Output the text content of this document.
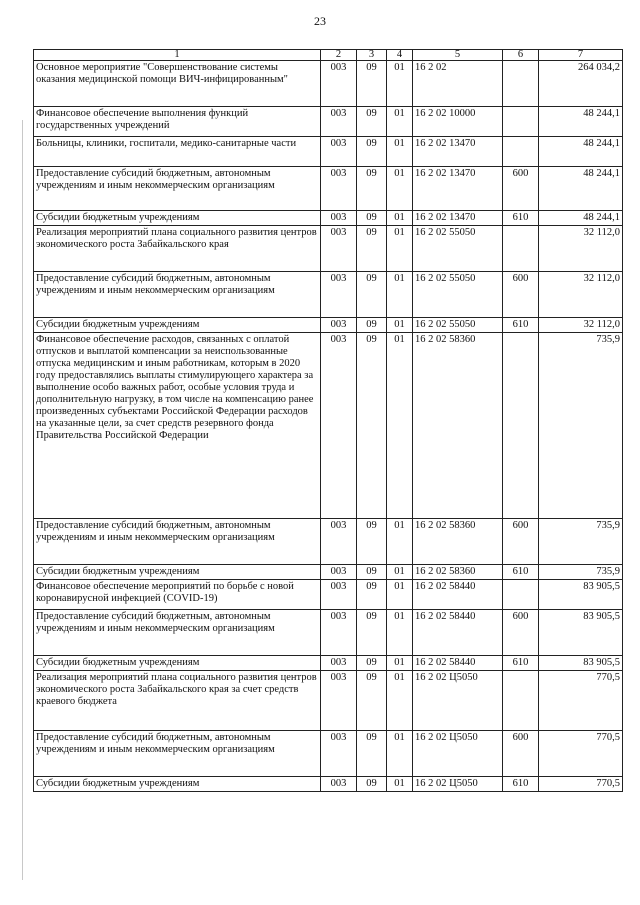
23
1	2	3	4	5	6	7
Основное мероприятие "Совершенствование системы оказания медицинской помощи ВИЧ-инфицированным"	003	09	01	16 2 02		264 034,2
Финансовое обеспечение выполнения функций государственных учреждений	003	09	01	16 2 02 10000		48 244,1
Больницы, клиники, госпитали, медико-санитарные части	003	09	01	16 2 02 13470		48 244,1
Предоставление субсидий бюджетным, автономным учреждениям и иным некоммерческим организациям	003	09	01	16 2 02 13470	600	48 244,1
Субсидии бюджетным учреждениям	003	09	01	16 2 02 13470	610	48 244,1
Реализация мероприятий плана социального развития центров экономического роста Забайкальского края	003	09	01	16 2 02 55050		32 112,0
Предоставление субсидий бюджетным, автономным учреждениям и иным некоммерческим организациям	003	09	01	16 2 02 55050	600	32 112,0
Субсидии бюджетным учреждениям	003	09	01	16 2 02 55050	610	32 112,0
Финансовое обеспечение расходов, связанных с оплатой отпусков и выплатой компенсации за неиспользованные отпуска медицинским и иным работникам, которым в 2020 году предоставлялись выплаты стимулирующего характера за выполнение особо важных работ, особые условия труда и дополнительную нагрузку, в том числе на компенсацию ранее произведенных субъектами Российской Федерации расходов на указанные цели, за счет средств резервного фонда Правительства Российской Федерации	003	09	01	16 2 02 58360		735,9
Предоставление субсидий бюджетным, автономным учреждениям и иным некоммерческим организациям	003	09	01	16 2 02 58360	600	735,9
Субсидии бюджетным учреждениям	003	09	01	16 2 02 58360	610	735,9
Финансовое обеспечение мероприятий по борьбе с новой коронавирусной инфекцией (COVID-19)	003	09	01	16 2 02 58440		83 905,5
Предоставление субсидий бюджетным, автономным учреждениям и иным некоммерческим организациям	003	09	01	16 2 02 58440	600	83 905,5
Субсидии бюджетным учреждениям	003	09	01	16 2 02 58440	610	83 905,5
Реализация мероприятий плана социального развития центров экономического роста Забайкальского края за счет средств краевого бюджета	003	09	01	16 2 02 Ц5050		770,5
Предоставление субсидий бюджетным, автономным учреждениям и иным некоммерческим организациям	003	09	01	16 2 02 Ц5050	600	770,5
Субсидии бюджетным учреждениям	003	09	01	16 2 02 Ц5050	610	770,5
